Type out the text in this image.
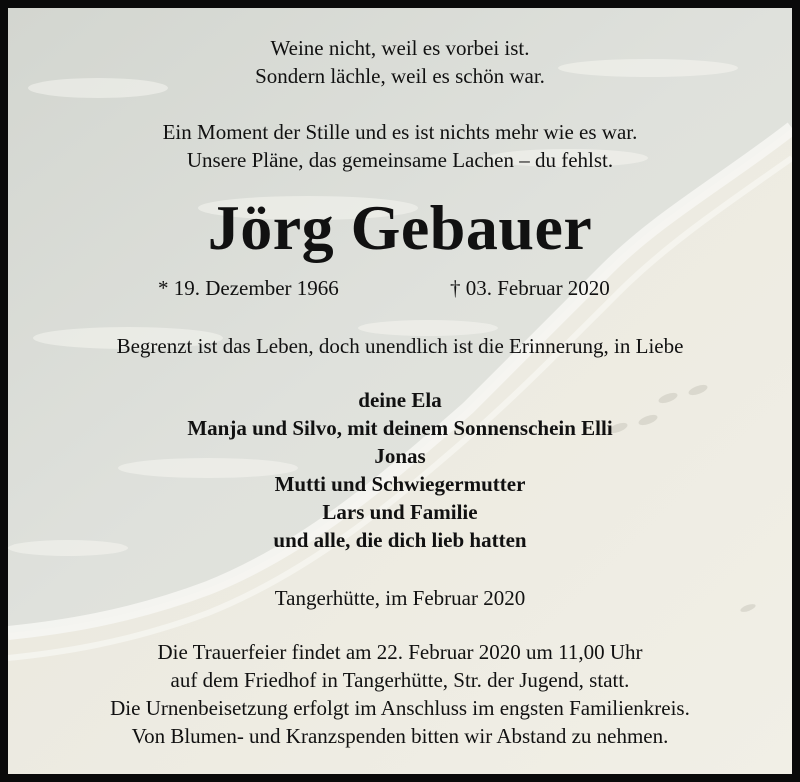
Weine nicht, weil es vorbei ist.
Sondern lächle, weil es schön war.
Ein Moment der Stille und es ist nichts mehr wie es war.
Unsere Pläne, das gemeinsame Lachen – du fehlst.
Jörg Gebauer
* 19. Dezember 1966	† 03. Februar 2020
Begrenzt ist das Leben, doch unendlich ist die Erinnerung, in Liebe
deine Ela
Manja und Silvo, mit deinem Sonnenschein Elli
Jonas
Mutti und Schwiegermutter
Lars und Familie
und alle, die dich lieb hatten
Tangerhütte, im Februar 2020
Die Trauerfeier findet am 22. Februar 2020 um 11,00 Uhr
auf dem Friedhof in Tangerhütte, Str. der Jugend, statt.
Die Urnenbeisetzung erfolgt im Anschluss im engsten Familienkreis.
Von Blumen- und Kranzspenden bitten wir Abstand zu nehmen.
